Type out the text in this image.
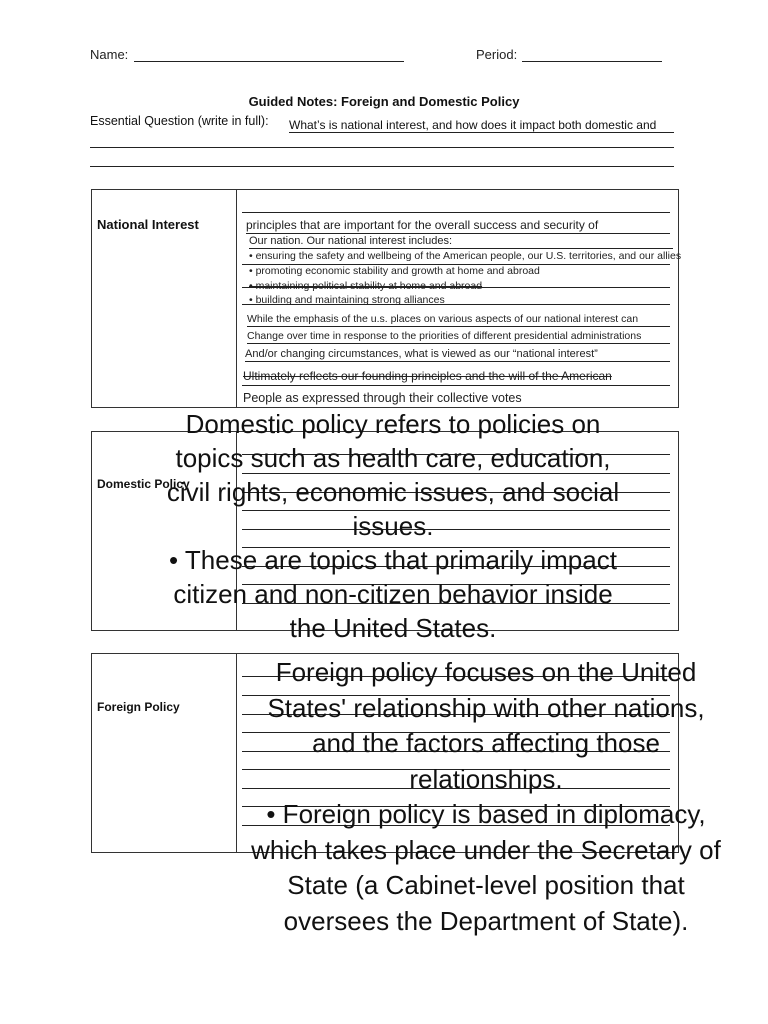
Name:	Period:
Guided Notes: Foreign and Domestic Policy
Essential Question (write in full): What’s is national interest, and how does it impact both domestic and
National Interest	principles that are important for the overall success and security of
Our nation. Our national interest includes:
• ensuring the safety and wellbeing of the American people, our U.S. territories, and our allies
• promoting economic stability and growth at home and abroad
• maintaining political stability at home and abroad
• building and maintaining strong alliances
While the emphasis of the u.s. places on various aspects of our national interest can
Change over time in response to the priorities of different presidential administrations
And/or changing circumstances, what is viewed as our “national interest”
Ultimately reflects our founding principles and the will of the American
People as expressed through their collective votes
Domestic Policy
Foreign Policy
Domestic policy refers to policies on
topics such as health care, education,
civil rights, economic issues, and social
issues.
• These are topics that primarily impact
citizen and non-citizen behavior inside
the United States.
Foreign policy focuses on the United
States' relationship with other nations,
and the factors affecting those
relationships.
• Foreign policy is based in diplomacy,
which takes place under the Secretary of
State (a Cabinet-level position that
oversees the Department of State).
